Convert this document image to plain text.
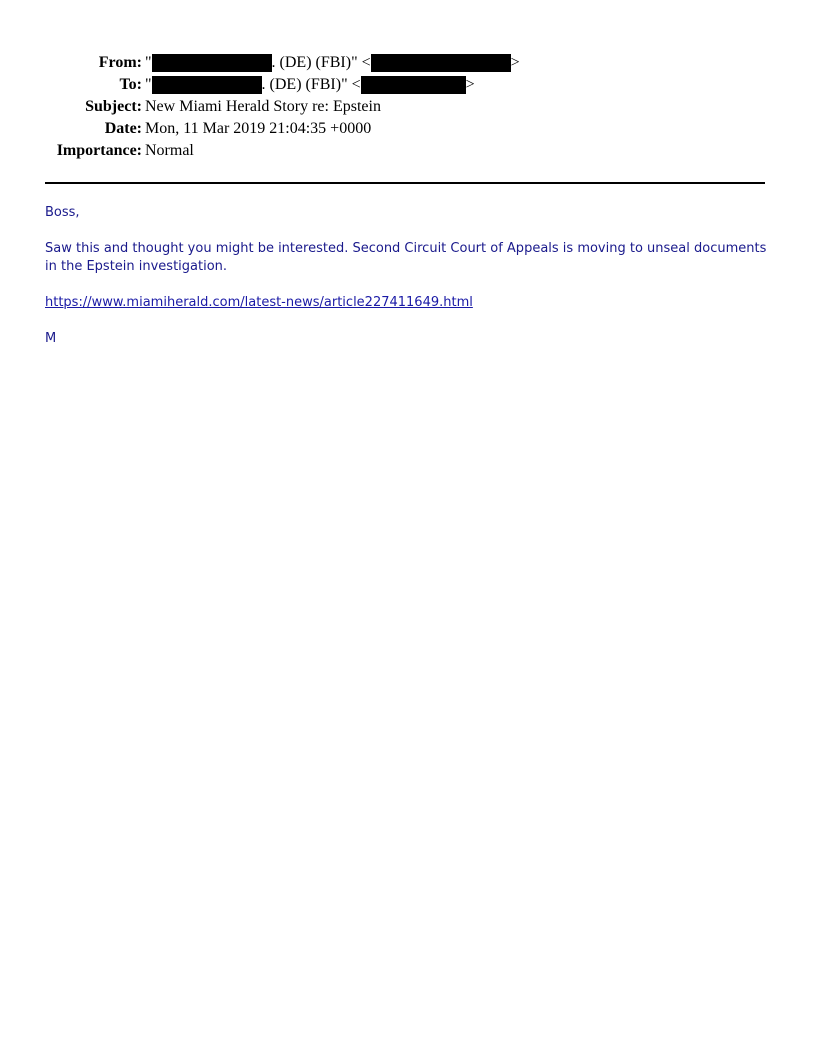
From: "	. (DE) (FBI)" <	>
To: "	. (DE) (FBI)" <	>
Subject: New Miami Herald Story re: Epstein
Date: Mon, 11 Mar 2019 21:04:35 +0000
Importance: Normal

Boss,

Saw this and thought you might be interested. Second Circuit Court of Appeals is moving to unseal documents in the Epstein investigation.

https://www.miamiherald.com/latest-news/article227411649.html

M
